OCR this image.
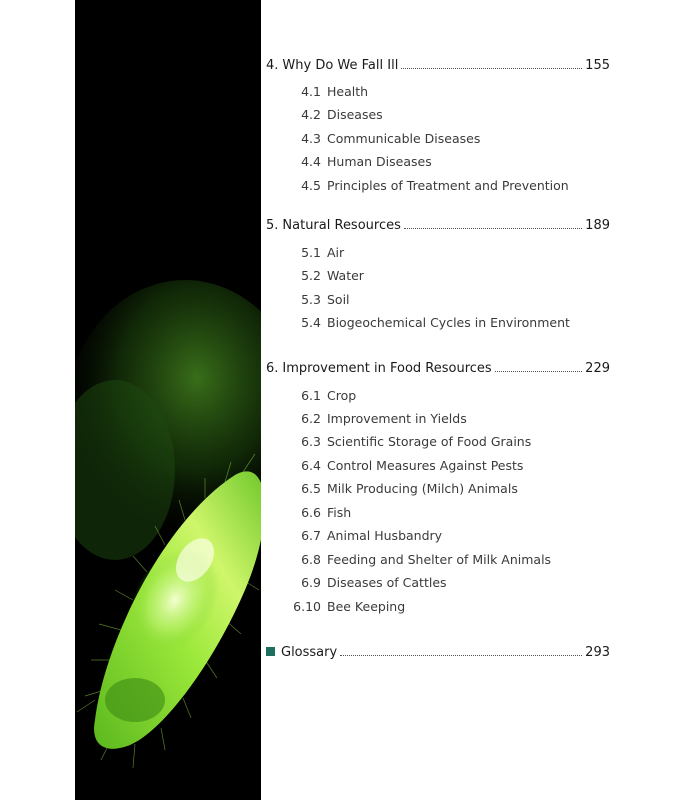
4. Why Do We Fall Ill	155
4.1 Health
4.2 Diseases
4.3 Communicable Diseases
4.4 Human Diseases
4.5 Principles of Treatment and Prevention
5. Natural Resources	189
5.1 Air
5.2 Water
5.3 Soil
5.4 Biogeochemical Cycles in Environment
6. Improvement in Food Resources	229
6.1 Crop
6.2 Improvement in Yields
6.3 Scientific Storage of Food Grains
6.4 Control Measures Against Pests
6.5 Milk Producing (Milch) Animals
6.6 Fish
6.7 Animal Husbandry
6.8 Feeding and Shelter of Milk Animals
6.9 Diseases of Cattles
6.10 Bee Keeping
Glossary	293
